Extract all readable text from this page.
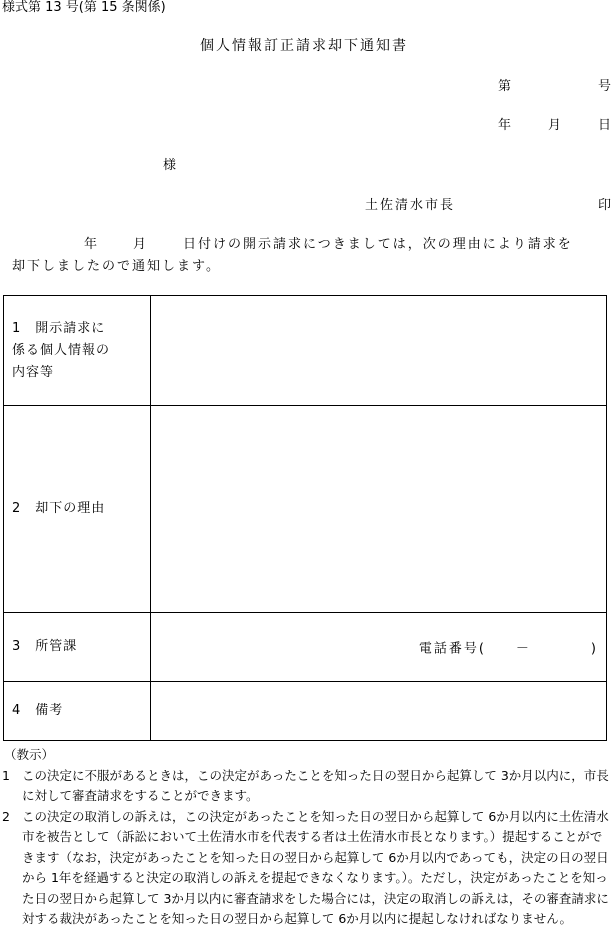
様式第 13 号(第 15 条関係)
個人情報訂正請求却下通知書
第	号
年	月	日
様
土佐清水市長	印
年	月	日付けの開示請求につきましては，次の理由により請求を
却下しましたので通知します。
1　開示請求に
係る個人情報の
内容等	

2　却下の理由	
3　所管課	電話番号(　　－　　　　)

4　備考	
（教示）
1 この決定に不服があるときは，この決定があったことを知った日の翌日から起算して 3か月以内に，市長に対して審査請求をすることができます。
2 この決定の取消しの訴えは，この決定があったことを知った日の翌日から起算して 6か月以内に土佐清水市を被告として（訴訟において土佐清水市を代表する者は土佐清水市長となります。）提起することができます（なお，決定があったことを知った日の翌日から起算して 6か月以内であっても，決定の日の翌日から 1年を経過すると決定の取消しの訴えを提起できなくなります。）。ただし，決定があったことを知った日の翌日から起算して 3か月以内に審査請求をした場合には，決定の取消しの訴えは，その審査請求に対する裁決があったことを知った日の翌日から起算して 6か月以内に提起しなければなりません。
